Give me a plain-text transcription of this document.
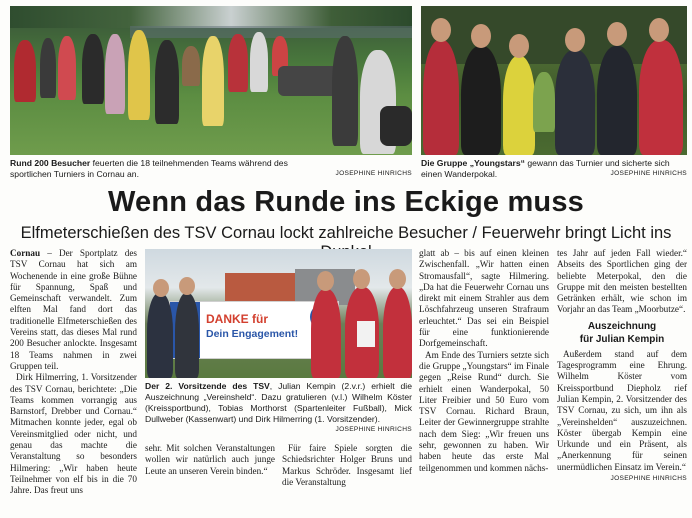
Rund 200 Besucher feuerten die 18 teilnehmenden Teams während des sportlichen Turniers in Cornau an.	JOSEPHINE HINRICHS
Die Gruppe „Youngstars“ gewann das Turnier und sicherte sich einen Wanderpokal.	JOSEPHINE HINRICHS
Wenn das Runde ins Eckige muss
Elfmeterschießen des TSV Cornau lockt zahlreiche Besucher / Feuerwehr bringt Licht ins

Cornau – Der Sportplatz des TSV Cornau hat sich am Wochenende in eine große Bühne für Spannung, Spaß und Gemeinschaft verwandelt. Zum elften Mal fand dort das traditionelle Elfmeterschießen des Vereins statt, das dieses Mal rund 200 Besucher anlockte. Insgesamt 18 Teams nahmen in zwei Gruppen teil.

Dirk Hilmerring, 1. Vorsitzender des TSV Cornau, berichtete: „Die Teams kommen vorrangig aus Barnstorf, Drebber und Cornau.“ Mitmachen konnte jeder, egal ob Vereinsmitglied oder nicht, und genau das machte die Veranstaltung so besonders Hilmering: „Wir haben heute Teilnehmer von elf bis in die 70 Jahre. Das freut uns

DANKE für
Dein Engagement!
Der 2. Vorsitzende des TSV, Julian Kempin (2.v.r.) erhielt die Auszeichnung „Vereinsheld“. Dazu gratulieren (v.l.) Wilhelm Köster (Kreissportbund), Tobias Morthorst (Spartenleiter Fußball), Mick Dullweber (Kassenwart) und Dirk Hilmerring (1. Vorsitzender).
JOSEPHINE HINRICHS

sehr. Mit solchen Veranstaltungen wollen wir natürlich auch junge Leute an unseren Verein binden.“

Für faire Spiele sorgten die Schiedsrichter Holger Bruns und Markus Schröder. Insgesamt lief die Veranstaltung

glatt ab – bis auf einen kleinen Zwischenfall. „Wir hatten einen Stromausfall“, sagte Hilmering. „Da hat die Feuerwehr Cornau uns direkt mit einem Strahler aus dem Löschfahrzeug unseren Strafraum erleuchtet.“ Das sei ein Beispiel für eine funktionierende Dorfgemeinschaft.

Am Ende des Turniers setzte sich die Gruppe „Youngstars“ im Finale gegen „Reise Rund“ durch. Sie erhielt einen Wanderpokal, 50 Liter Freibier und 50 Euro vom TSV Cornau. Richard Braun, Leiter der Gewinnergruppe strahlte nach dem Sieg: „Wir freuen uns sehr, gewonnen zu haben. Wir haben heute das erste Mal teilgenommen und kommen nächs-

tes Jahr auf jeden Fall wieder.“ Abseits des Sportlichen ging der beliebte Meterpokal, den die Gruppe mit den meisten bestellten Getränken erhält, wie schon im Vorjahr an das Team „Moorbutze“.

Auszeichnung
für Julian Kempin

Außerdem stand auf dem Tagesprogramm eine Ehrung. Wilhelm Köster vom Kreissportbund Diepholz rief Julian Kempin, 2. Vorsitzender des TSV Cornau, zu sich, um ihn als „Vereinshelden“ auszuzeichnen. Köster übergab Kempin eine Urkunde und ein Präsent, als „Anerkennung für seinen unermüdlichen Einsatz im Verein.“

JOSEPHINE HINRICHS
